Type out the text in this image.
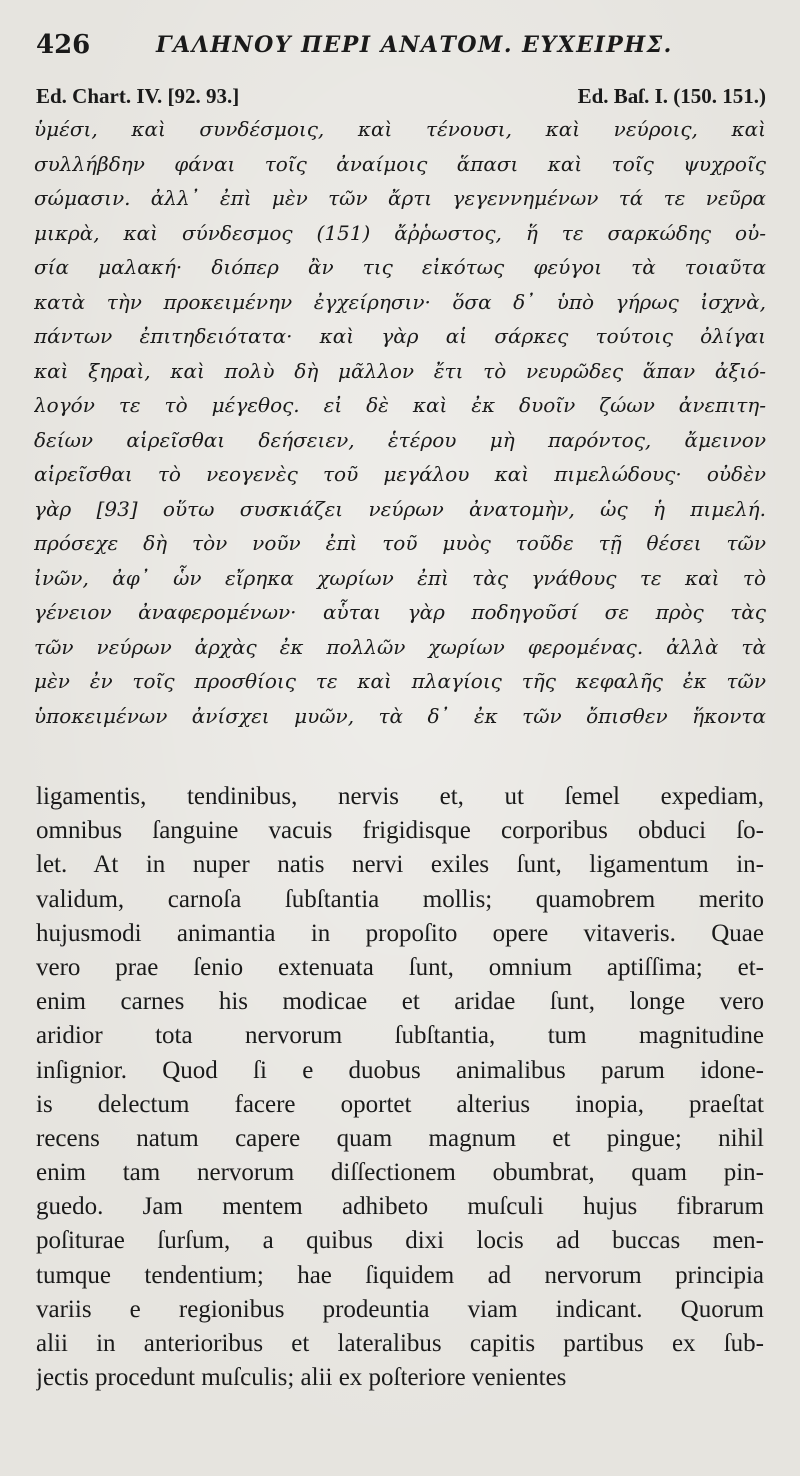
426	ΓΑΛΗΝΟΥ ΠΕΡΙ ΑΝΑΤΟΜ. ΕΥΧΕΙΡΗΣ.
Ed. Chart. IV. [92. 93.]	Ed. Baſ. I. (150. 151.)
ὑμέσι, καὶ συνδέσμοις, καὶ τένουσι, καὶ νεύροις, καὶ
συλλήβδην φάναι τοῖς ἀναίμοις ἅπασι καὶ τοῖς ψυχροῖς
σώμασιν. ἀλλ᾽ ἐπὶ μὲν τῶν ἄρτι γεγεννημένων τά τε νεῦρα
μικρὰ, καὶ σύνδεσμος (151) ἄῤῥωστος, ἥ τε σαρκώδης οὐ-
σία μαλακή· διόπερ ἂν τις εἰκότως φεύγοι τὰ τοιαῦτα
κατὰ τὴν προκειμένην ἐγχείρησιν· ὅσα δ᾽ ὑπὸ γήρως ἰσχνὰ,
πάντων ἐπιτηδειότατα· καὶ γὰρ αἱ σάρκες τούτοις ὀλίγαι
καὶ ξηραὶ, καὶ πολὺ δὴ μᾶλλον ἔτι τὸ νευρῶδες ἅπαν ἀξιό-
λογόν τε τὸ μέγεθος. εἰ δὲ καὶ ἐκ δυοῖν ζώων ἀνεπιτη-
δείων αἱρεῖσθαι δεήσειεν, ἑτέρου μὴ παρόντος, ἄμεινον
αἱρεῖσθαι τὸ νεογενὲς τοῦ μεγάλου καὶ πιμελώδους· οὐδὲν
γὰρ [93] οὕτω συσκιάζει νεύρων ἀνατομὴν, ὡς ἡ πιμελή.
πρόσεχε δὴ τὸν νοῦν ἐπὶ τοῦ μυὸς τοῦδε τῇ θέσει τῶν
ἰνῶν, ἀφ᾽ ὧν εἴρηκα χωρίων ἐπὶ τὰς γνάθους τε καὶ τὸ
γένειον ἀναφερομένων· αὗται γὰρ ποδηγοῦσί σε πρὸς τὰς
τῶν νεύρων ἀρχὰς ἐκ πολλῶν χωρίων φερομένας. ἀλλὰ τὰ
μὲν ἐν τοῖς προσθίοις τε καὶ πλαγίοις τῆς κεφαλῆς ἐκ τῶν
ὑποκειμένων ἀνίσχει μυῶν, τὰ δ᾽ ἐκ τῶν ὄπισθεν ἥκοντα
ligamentis, tendinibus, nervis et, ut ſemel expediam,
omnibus ſanguine vacuis frigidisque corporibus obduci ſo-
let. At in nuper natis nervi exiles ſunt, ligamentum in-
validum, carnoſa ſubſtantia mollis; quamobrem merito
hujusmodi animantia in propoſito opere vitaveris. Quae
vero prae ſenio extenuata ſunt, omnium aptiſſima; et-
enim carnes his modicae et aridae ſunt, longe vero
aridior tota nervorum ſubſtantia, tum magnitudine
inſignior. Quod ſi e duobus animalibus parum idone-
is delectum facere oportet alterius inopia, praeſtat
recens natum capere quam magnum et pingue; nihil
enim tam nervorum diſſectionem obumbrat, quam pin-
guedo. Jam mentem adhibeto muſculi hujus fibrarum
poſiturae ſurſum, a quibus dixi locis ad buccas men-
tumque tendentium; hae ſiquidem ad nervorum principia
variis e regionibus prodeuntia viam indicant. Quorum
alii in anterioribus et lateralibus capitis partibus ex ſub-
jectis procedunt muſculis; alii ex poſteriore venientes
